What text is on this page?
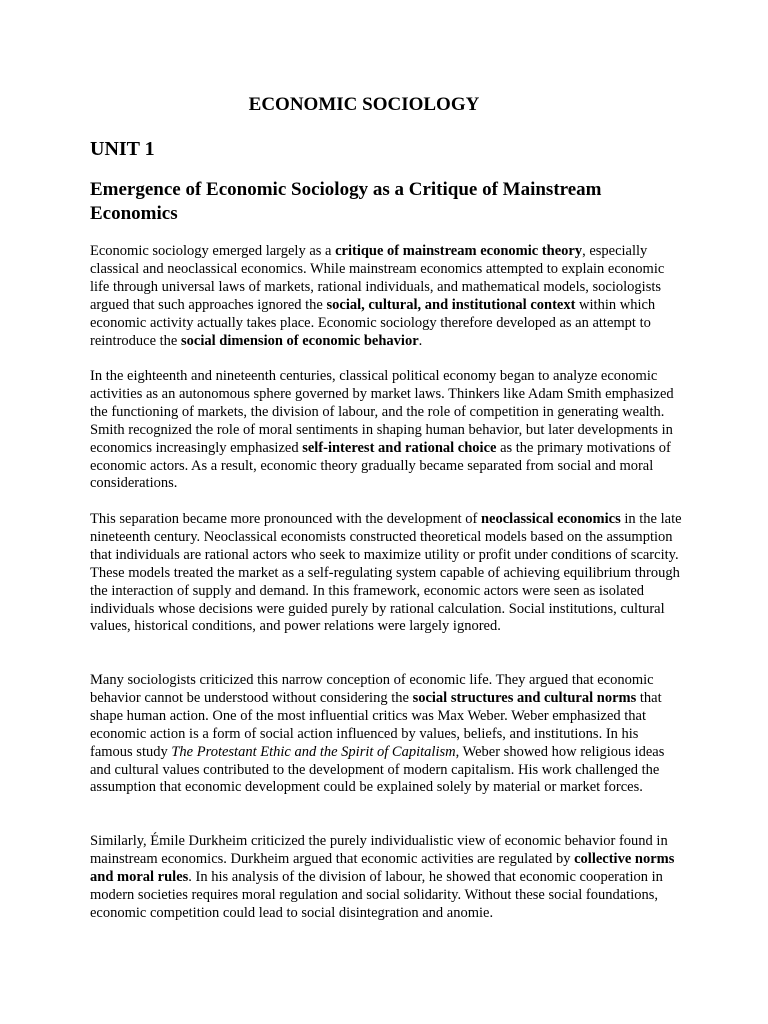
ECONOMIC SOCIOLOGY
UNIT 1
Emergence of Economic Sociology as a Critique of Mainstream Economics

Economic sociology emerged largely as a critique of mainstream economic theory, especially classical and neoclassical economics. While mainstream economics attempted to explain economic life through universal laws of markets, rational individuals, and mathematical models, sociologists argued that such approaches ignored the social, cultural, and institutional context within which economic activity actually takes place. Economic sociology therefore developed as an attempt to reintroduce the social dimension of economic behavior.

In the eighteenth and nineteenth centuries, classical political economy began to analyze economic activities as an autonomous sphere governed by market laws. Thinkers like Adam Smith emphasized the functioning of markets, the division of labour, and the role of competition in generating wealth. Smith recognized the role of moral sentiments in shaping human behavior, but later developments in economics increasingly emphasized self-interest and rational choice as the primary motivations of economic actors. As a result, economic theory gradually became separated from social and moral considerations.

This separation became more pronounced with the development of neoclassical economics in the late nineteenth century. Neoclassical economists constructed theoretical models based on the assumption that individuals are rational actors who seek to maximize utility or profit under conditions of scarcity. These models treated the market as a self-regulating system capable of achieving equilibrium through the interaction of supply and demand. In this framework, economic actors were seen as isolated individuals whose decisions were guided purely by rational calculation. Social institutions, cultural values, historical conditions, and power relations were largely ignored.

Many sociologists criticized this narrow conception of economic life. They argued that economic behavior cannot be understood without considering the social structures and cultural norms that shape human action. One of the most influential critics was Max Weber. Weber emphasized that economic action is a form of social action influenced by values, beliefs, and institutions. In his famous study The Protestant Ethic and the Spirit of Capitalism, Weber showed how religious ideas and cultural values contributed to the development of modern capitalism. His work challenged the assumption that economic development could be explained solely by material or market forces.

Similarly, Émile Durkheim criticized the purely individualistic view of economic behavior found in mainstream economics. Durkheim argued that economic activities are regulated by collective norms and moral rules. In his analysis of the division of labour, he showed that economic cooperation in modern societies requires moral regulation and social solidarity. Without these social foundations, economic competition could lead to social disintegration and anomie.
